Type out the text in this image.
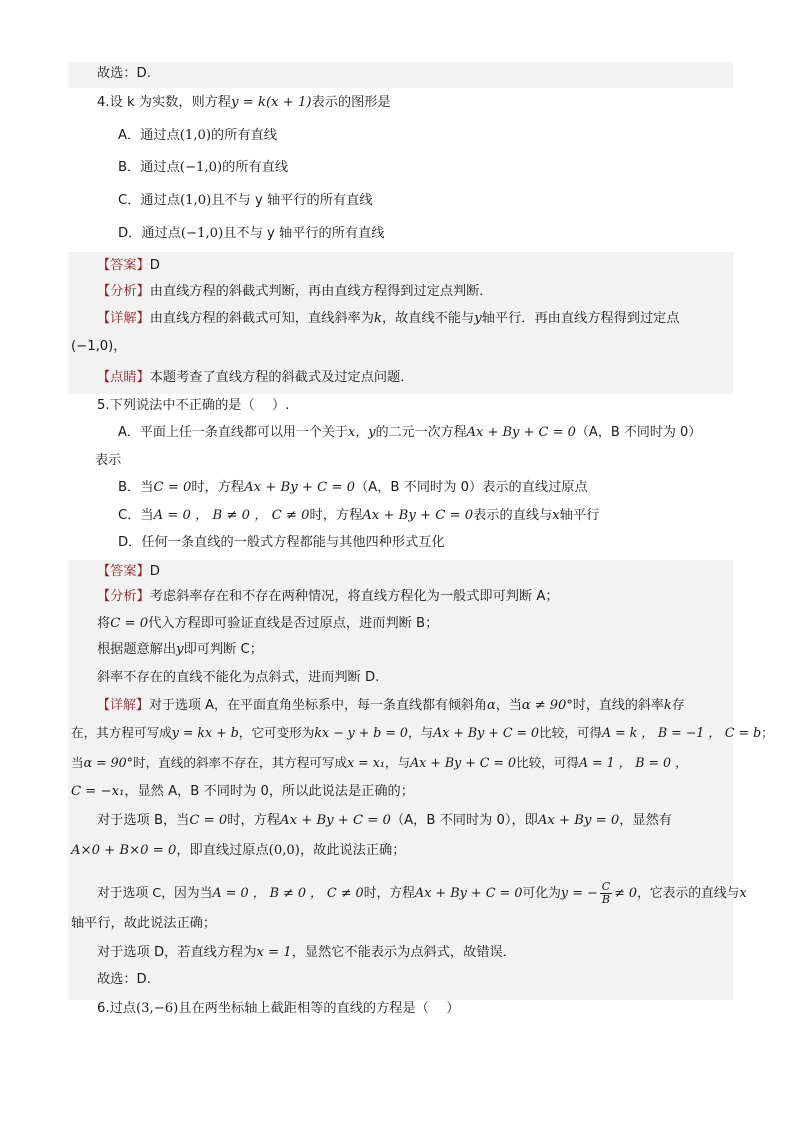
故选：D.
4.设 k 为实数，则方程y = k(x + 1)表示的图形是
A．通过点(1,0)的所有直线
B．通过点(−1,0)的所有直线
C．通过点(1,0)且不与 y 轴平行的所有直线
D．通过点(−1,0)且不与 y 轴平行的所有直线
【答案】D
【分析】由直线方程的斜截式判断，再由直线方程得到过定点判断．
【详解】由直线方程的斜截式可知，直线斜率为k，故直线不能与y轴平行．再由直线方程得到过定点
(−1,0)，
【点睛】本题考查了直线方程的斜截式及过定点问题．
5.下列说法中不正确的是（　 ）.
A．平面上任一条直线都可以用一个关于x，y的二元一次方程Ax + By + C = 0（A，B 不同时为 0）
表示
B．当C = 0时，方程Ax + By + C = 0（A，B 不同时为 0）表示的直线过原点
C．当A = 0 ， B ≠ 0 ， C ≠ 0时，方程Ax + By + C = 0表示的直线与x轴平行
D．任何一条直线的一般式方程都能与其他四种形式互化
【答案】D
【分析】考虑斜率存在和不存在两种情况，将直线方程化为一般式即可判断 A；
将C = 0代入方程即可验证直线是否过原点，进而判断 B；
根据题意解出y即可判断 C；
斜率不存在的直线不能化为点斜式，进而判断 D.
【详解】对于选项 A，在平面直角坐标系中，每一条直线都有倾斜角α，当α ≠ 90°时，直线的斜率k存
在，其方程可写成y = kx + b，它可变形为kx − y + b = 0，与Ax + By + C = 0比较，可得A = k ， B = −1 ， C = b；
当α = 90°时，直线的斜率不存在，其方程可写成x = x₁，与Ax + By + C = 0比较，可得A = 1 ， B = 0 ，
C = −x₁，显然 A，B 不同时为 0，所以此说法是正确的；
对于选项 B，当C = 0时，方程Ax + By + C = 0（A，B 不同时为 0），即Ax + By = 0，显然有
A×0 + B×0 = 0，即直线过原点(0,0)，故此说法正确；
对于选项 C，因为当A = 0 ， B ≠ 0 ， C ≠ 0时，方程Ax + By + C = 0可化为y = − $\frac{C}{B} \ne 0$，它表示的直线与x
轴平行，故此说法正确；
对于选项 D，若直线方程为x = 1，显然它不能表示为点斜式，故错误．
故选：D.
6.过点(3,−6)且在两坐标轴上截距相等的直线的方程是（　 ）
